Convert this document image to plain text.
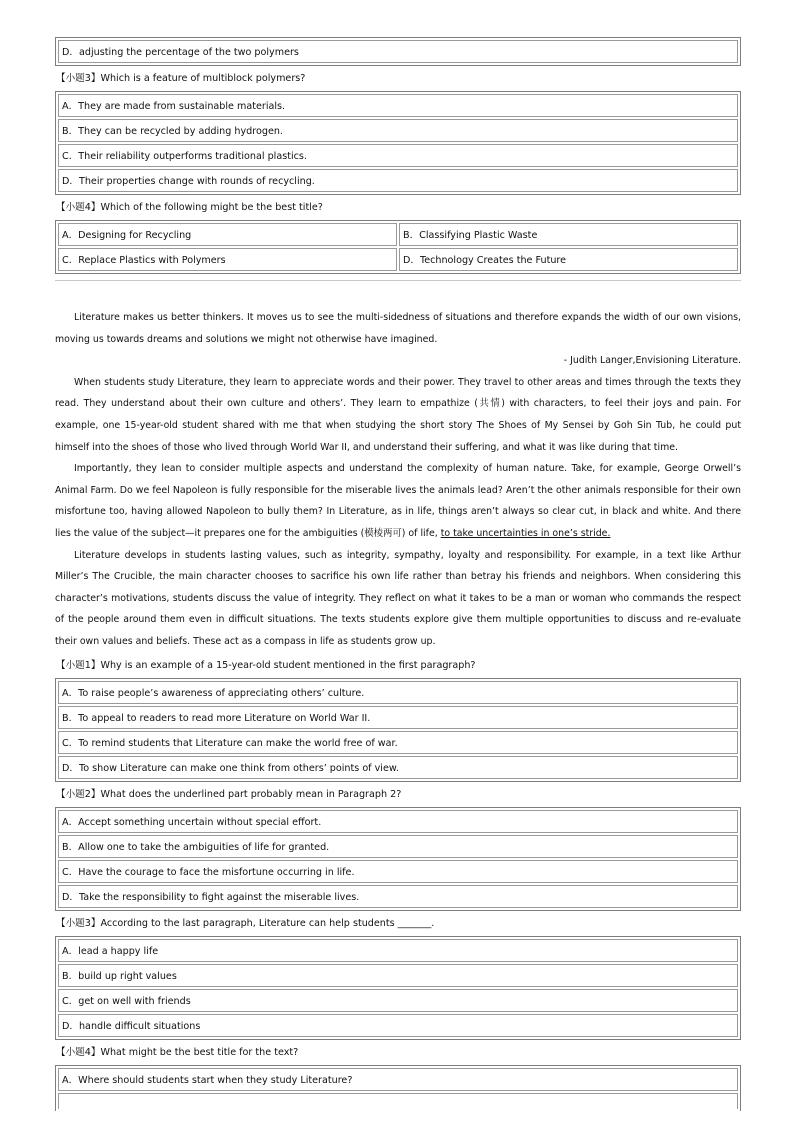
D．adjusting the percentage of the two polymers
【小题3】Which is a feature of multiblock polymers?
A．They are made from sustainable materials.
B．They can be recycled by adding hydrogen.
C．Their reliability outperforms traditional plastics.
D．Their properties change with rounds of recycling.
【小题4】Which of the following might be the best title?
A．Designing for Recycling	B．Classifying Plastic Waste
C．Replace Plastics with Polymers	D．Technology Creates the Future

Literature makes us better thinkers. It moves us to see the multi-sidedness of situations and therefore expands the width of our own visions, moving us towards dreams and solutions we might not otherwise have imagined.

- Judith Langer,Envisioning Literature.

When students study Literature, they learn to appreciate words and their power. They travel to other areas and times through the texts they read. They understand about their own culture and others’. They learn to empathize (共情) with characters, to feel their joys and pain. For example, one 15-year-old student shared with me that when studying the short story The Shoes of My Sensei by Goh Sin Tub, he could put himself into the shoes of those who lived through World War II, and understand their suffering, and what it was like during that time.

Importantly, they lean to consider multiple aspects and understand the complexity of human nature. Take, for example, George Orwell’s Animal Farm. Do we feel Napoleon is fully responsible for the miserable lives the animals lead? Aren’t the other animals responsible for their own misfortune too, having allowed Napoleon to bully them? In Literature, as in life, things aren’t always so clear cut, in black and white. And there lies the value of the subject—it prepares one for the ambiguities (模棱两可) of life, to take uncertainties in one’s stride.

Literature develops in students lasting values, such as integrity, sympathy, loyalty and responsibility. For example, in a text like Arthur Miller’s The Crucible, the main character chooses to sacrifice his own life rather than betray his friends and neighbors. When considering this character’s motivations, students discuss the value of integrity. They reflect on what it takes to be a man or woman who commands the respect of the people around them even in difficult situations. The texts students explore give them multiple opportunities to discuss and re-evaluate their own values and beliefs. These act as a compass in life as students grow up.

【小题1】Why is an example of a 15-year-old student mentioned in the first paragraph?
A．To raise people’s awareness of appreciating others’ culture.
B．To appeal to readers to read more Literature on World War II.
C．To remind students that Literature can make the world free of war.
D．To show Literature can make one think from others’ points of view.
【小题2】What does the underlined part probably mean in Paragraph 2?
A．Accept something uncertain without special effort.
B．Allow one to take the ambiguities of life for granted.
C．Have the courage to face the misfortune occurring in life.
D．Take the responsibility to fight against the miserable lives.
【小题3】According to the last paragraph, Literature can help students _______.
A．lead a happy life
B．build up right values
C．get on well with friends
D．handle difficult situations
【小题4】What might be the best title for the text?
A．Where should students start when they study Literature?
